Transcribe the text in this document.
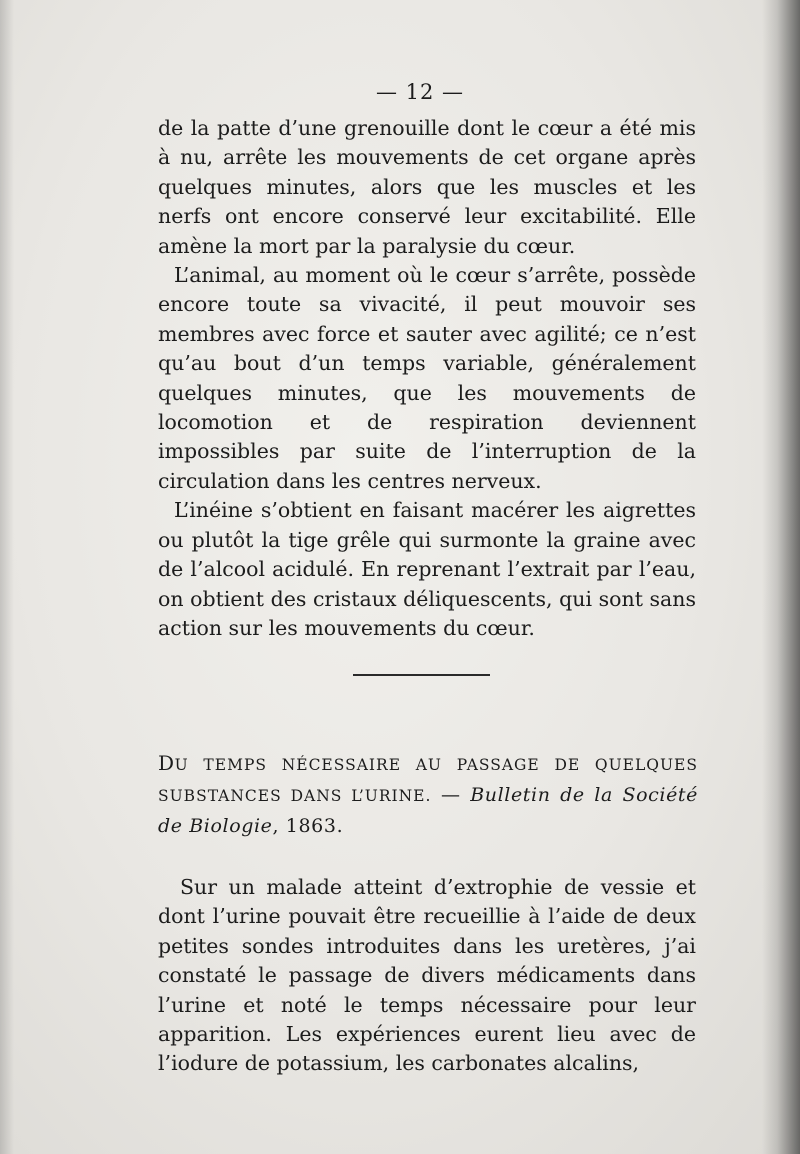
— 12 —

de la patte d’une grenouille dont le cœur a été mis à nu, arrête les mouvements de cet organe après quelques minutes, alors que les muscles et les nerfs ont encore conservé leur excitabilité. Elle amène la mort par la paralysie du cœur.

L’animal, au moment où le cœur s’arrête, possède encore toute sa vivacité, il peut mouvoir ses membres avec force et sauter avec agilité; ce n’est qu’au bout d’un temps variable, généralement quelques minutes, que les mouvements de locomotion et de respiration deviennent impossibles par suite de l’interruption de la circulation dans les centres nerveux.

L’inéine s’obtient en faisant macérer les aigrettes ou plutôt la tige grêle qui surmonte la graine avec de l’alcool acidulé. En reprenant l’extrait par l’eau, on obtient des cristaux déliquescents, qui sont sans action sur les mouvements du cœur.

DU TEMPS NÉCESSAIRE AU PASSAGE DE QUELQUES SUBSTANCES DANS L’URINE. — Bulletin de la Société de Biologie, 1863.

Sur un malade atteint d’extrophie de vessie et dont l’urine pouvait être recueillie à l’aide de deux petites sondes introduites dans les uretères, j’ai constaté le passage de divers médicaments dans l’urine et noté le temps nécessaire pour leur apparition. Les expériences eurent lieu avec de l’iodure de potassium, les carbonates alcalins,
